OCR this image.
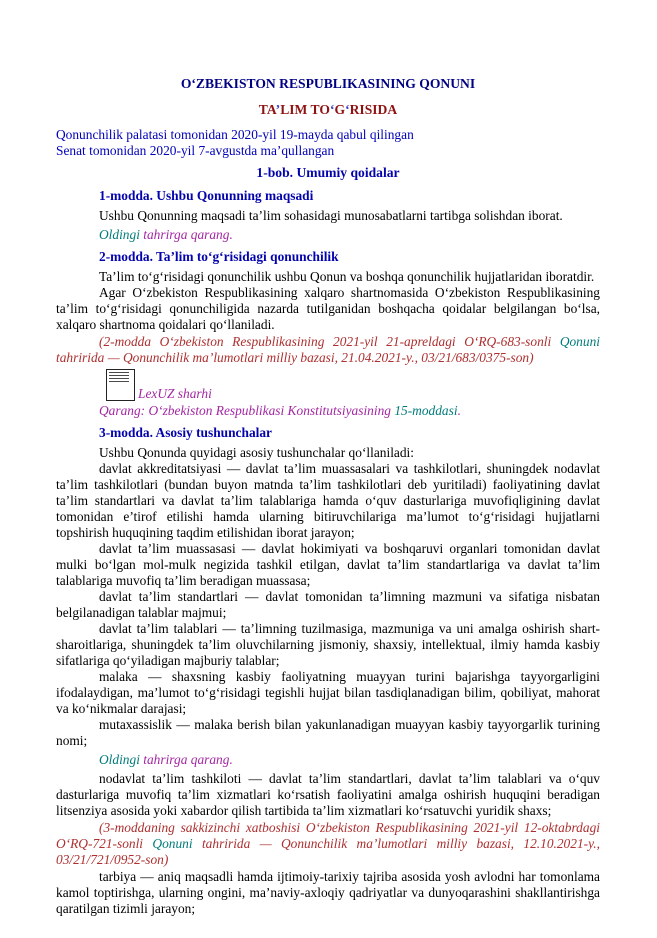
O‘ZBEKISTON RESPUBLIKASINING QONUNI
TA’LIM TO‘G‘RISIDA
Qonunchilik palatasi tomonidan 2020-yil 19-mayda qabul qilingan
Senat tomonidan 2020-yil 7-avgustda ma’qullangan
1-bob. Umumiy qoidalar

1-modda. Ushbu Qonunning maqsadi

Ushbu Qonunning maqsadi ta’lim sohasidagi munosabatlarni tartibga solishdan iborat.

Oldingi tahrirga qarang.

2-modda. Ta’lim to‘g‘risidagi qonunchilik

Ta’lim to‘g‘risidagi qonunchilik ushbu Qonun va boshqa qonunchilik hujjatlaridan iboratdir.

Agar O‘zbekiston Respublikasining xalqaro shartnomasida O‘zbekiston Respublikasining ta’lim to‘g‘risidagi qonunchiligida nazarda tutilganidan boshqacha qoidalar belgilangan bo‘lsa, xalqaro shartnoma qoidalari qo‘llaniladi.

(2-modda O‘zbekiston Respublikasining 2021-yil 21-apreldagi O‘RQ-683-sonli Qonuni tahririda — Qonunchilik ma’lumotlari milliy bazasi, 21.04.2021-y., 03/21/683/0375-son)

LexUZ sharhi

Qarang: O‘zbekiston Respublikasi Konstitutsiyasining 15-moddasi.

3-modda. Asosiy tushunchalar

Ushbu Qonunda quyidagi asosiy tushunchalar qo‘llaniladi:

davlat akkreditatsiyasi — davlat ta’lim muassasalari va tashkilotlari, shuningdek nodavlat ta’lim tashkilotlari (bundan buyon matnda ta’lim tashkilotlari deb yuritiladi) faoliyatining davlat ta’lim standartlari va davlat ta’lim talablariga hamda o‘quv dasturlariga muvofiqligining davlat tomonidan e’tirof etilishi hamda ularning bitiruvchilariga ma’lumot to‘g‘risidagi hujjatlarni topshirish huquqining taqdim etilishidan iborat jarayon;

davlat ta’lim muassasasi — davlat hokimiyati va boshqaruvi organlari tomonidan davlat mulki bo‘lgan mol-mulk negizida tashkil etilgan, davlat ta’lim standartlariga va davlat ta’lim talablariga muvofiq ta’lim beradigan muassasa;

davlat ta’lim standartlari — davlat tomonidan ta’limning mazmuni va sifatiga nisbatan belgilanadigan talablar majmui;

davlat ta’lim talablari — ta’limning tuzilmasiga, mazmuniga va uni amalga oshirish shart-sharoitlariga, shuningdek ta’lim oluvchilarning jismoniy, shaxsiy, intellektual, ilmiy hamda kasbiy sifatlariga qo‘yiladigan majburiy talablar;

malaka — shaxsning kasbiy faoliyatning muayyan turini bajarishga tayyorgarligini ifodalaydigan, ma’lumot to‘g‘risidagi tegishli hujjat bilan tasdiqlanadigan bilim, qobiliyat, mahorat va ko‘nikmalar darajasi;

mutaxassislik — malaka berish bilan yakunlanadigan muayyan kasbiy tayyorgarlik turining nomi;

Oldingi tahrirga qarang.

nodavlat ta’lim tashkiloti — davlat ta’lim standartlari, davlat ta’lim talablari va o‘quv dasturlariga muvofiq ta’lim xizmatlari ko‘rsatish faoliyatini amalga oshirish huquqini beradigan litsenziya asosida yoki xabardor qilish tartibida ta’lim xizmatlari ko‘rsatuvchi yuridik shaxs;

(3-moddaning sakkizinchi xatboshisi O‘zbekiston Respublikasining 2021-yil 12-oktabrdagi O‘RQ-721-sonli Qonuni tahririda — Qonunchilik ma’lumotlari milliy bazasi, 12.10.2021-y., 03/21/721/0952-son)

tarbiya — aniq maqsadli hamda ijtimoiy-tarixiy tajriba asosida yosh avlodni har tomonlama kamol toptirishga, ularning ongini, ma’naviy-axloqiy qadriyatlar va dunyoqarashini shakllantirishga qaratilgan tizimli jarayon;
